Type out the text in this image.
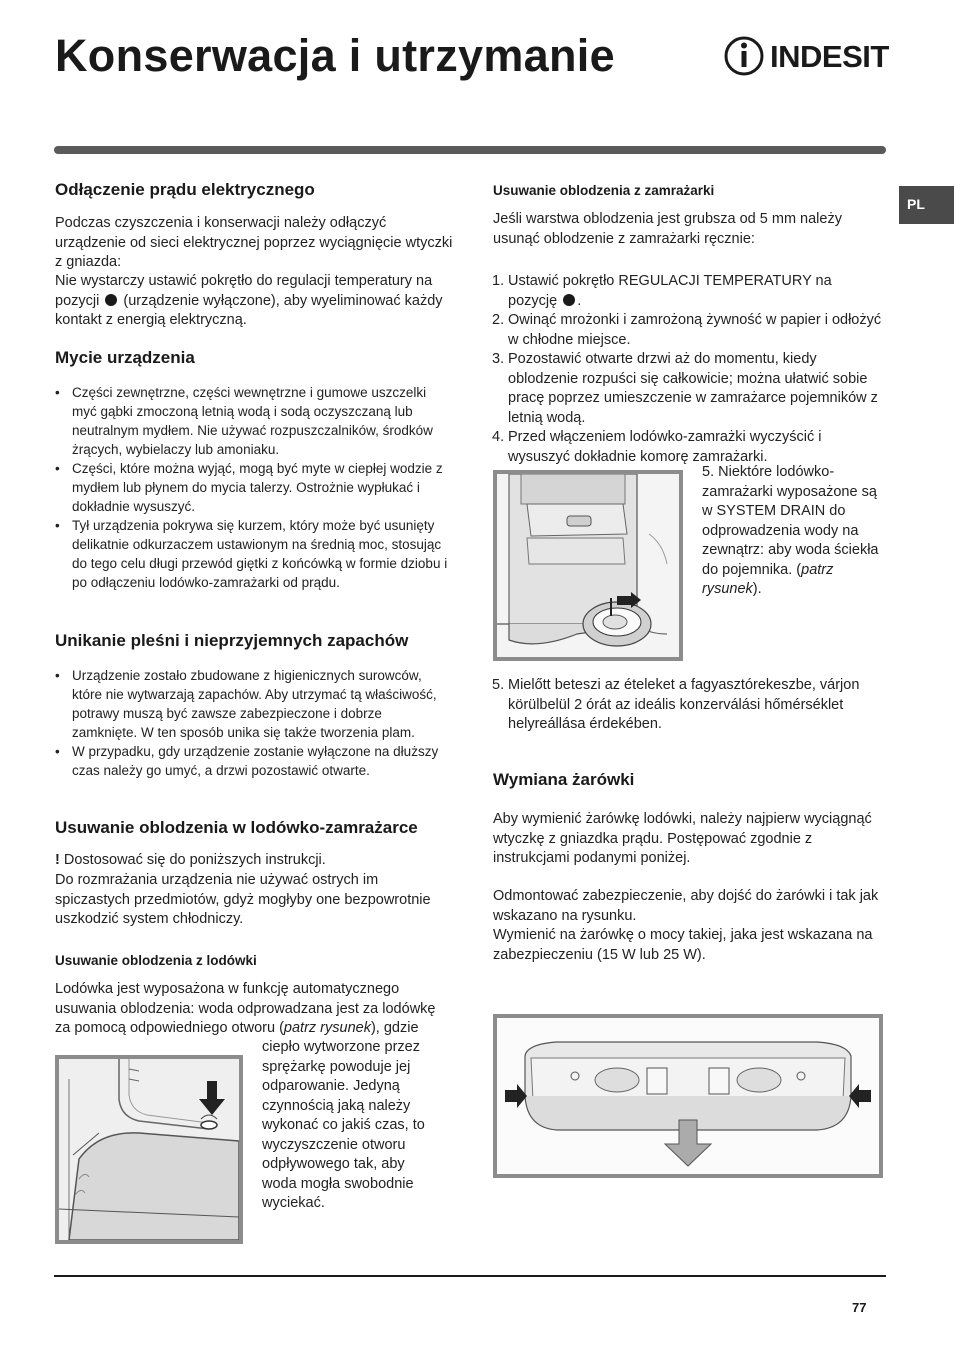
Konserwacja i utrzymanie	INDESIT
PL
Odłączenie prądu elektrycznego
Podczas czyszczenia i konserwacji należy odłączyć urządzenie od sieci elektrycznej poprzez wyciągnięcie wtyczki z gniazda:
Nie wystarczy ustawić pokrętło do regulacji temperatury na pozycji (urządzenie wyłączone), aby wyeliminować każdy kontakt z energią elektryczną.
Mycie urządzenia
• Części zewnętrzne, części wewnętrzne i gumowe uszczelki myć gąbki zmoczoną letnią wodą i sodą oczyszczaną lub neutralnym mydłem. Nie używać rozpuszczalników, środków żrących, wybielaczy lub amoniaku.
• Części, które można wyjąć, mogą być myte w ciepłej wodzie z mydłem lub płynem do mycia talerzy. Ostrożnie wypłukać i dokładnie wysuszyć.
• Tył urządzenia pokrywa się kurzem, który może być usunięty delikatnie odkurzaczem ustawionym na średnią moc, stosując do tego celu długi przewód giętki z końcówką w formie dziobu i po odłączeniu lodówko-zamrażarki od prądu.
Unikanie pleśni i nieprzyjemnych zapachów
• Urządzenie zostało zbudowane z higienicznych surowców, które nie wytwarzają zapachów. Aby utrzymać tą właściwość, potrawy muszą być zawsze zabezpieczone i dobrze zamknięte. W ten sposób unika się także tworzenia plam.
• W przypadku, gdy urządzenie zostanie wyłączone na dłuższy czas należy go umyć, a drzwi pozostawić otwarte.
Usuwanie oblodzenia w lodówko-zamrażarce
! Dostosować się do poniższych instrukcji.
Do rozmrażania urządzenia nie używać ostrych im spiczastych przedmiotów, gdyż mogłyby one bezpowrotnie uszkodzić system chłodniczy.
Usuwanie oblodzenia z lodówki
Lodówka jest wyposażona w funkcję automatycznego usuwania oblodzenia: woda odprowadzana jest za lodówkę za pomocą odpowiedniego otworu (patrz rysunek), gdzie
ciepło wytworzone przez sprężarkę powoduje jej odparowanie. Jedyną czynnością jaką należy wykonać co jakiś czas, to wyczyszczenie otworu odpływowego tak, aby woda mogła swobodnie wyciekać.
Usuwanie oblodzenia z zamrażarki
Jeśli warstwa oblodzenia jest grubsza od 5 mm należy usunąć oblodzenie z zamrażarki ręcznie:
1. Ustawić pokrętło REGULACJI TEMPERATURY na pozycję .
2. Owinąć mrożonki i zamrożoną żywność w papier i odłożyć w chłodne miejsce.
3. Pozostawić otwarte drzwi aż do momentu, kiedy oblodzenie rozpuści się całkowicie; można ułatwić sobie pracę poprzez umieszczenie w zamrażarce pojemników z letnią wodą.
4. Przed włączeniem lodówko-zamrażki wyczyścić i wysuszyć dokładnie komorę zamrażarki.
5. Niektóre lodówko-zamrażarki wyposażone są w SYSTEM DRAIN do odprowadzenia wody na zewnątrz: aby woda ściekła do pojemnika. (patrz rysunek).
5. Mielőtt beteszi az ételeket a fagyasztórekeszbe, várjon körülbelül 2 órát az ideális konzerválási hőmérséklet helyreállása érdekében.
Wymiana żarówki
Aby wymienić żarówkę lodówki, należy najpierw wyciągnąć wtyczkę z gniazdka prądu. Postępować zgodnie z instrukcjami podanymi poniżej.
Odmontować zabezpieczenie, aby dojść do żarówki i tak jak wskazano na rysunku.
Wymienić na żarówkę o mocy takiej, jaka jest wskazana na zabezpieczeniu (15 W lub 25 W).
77
